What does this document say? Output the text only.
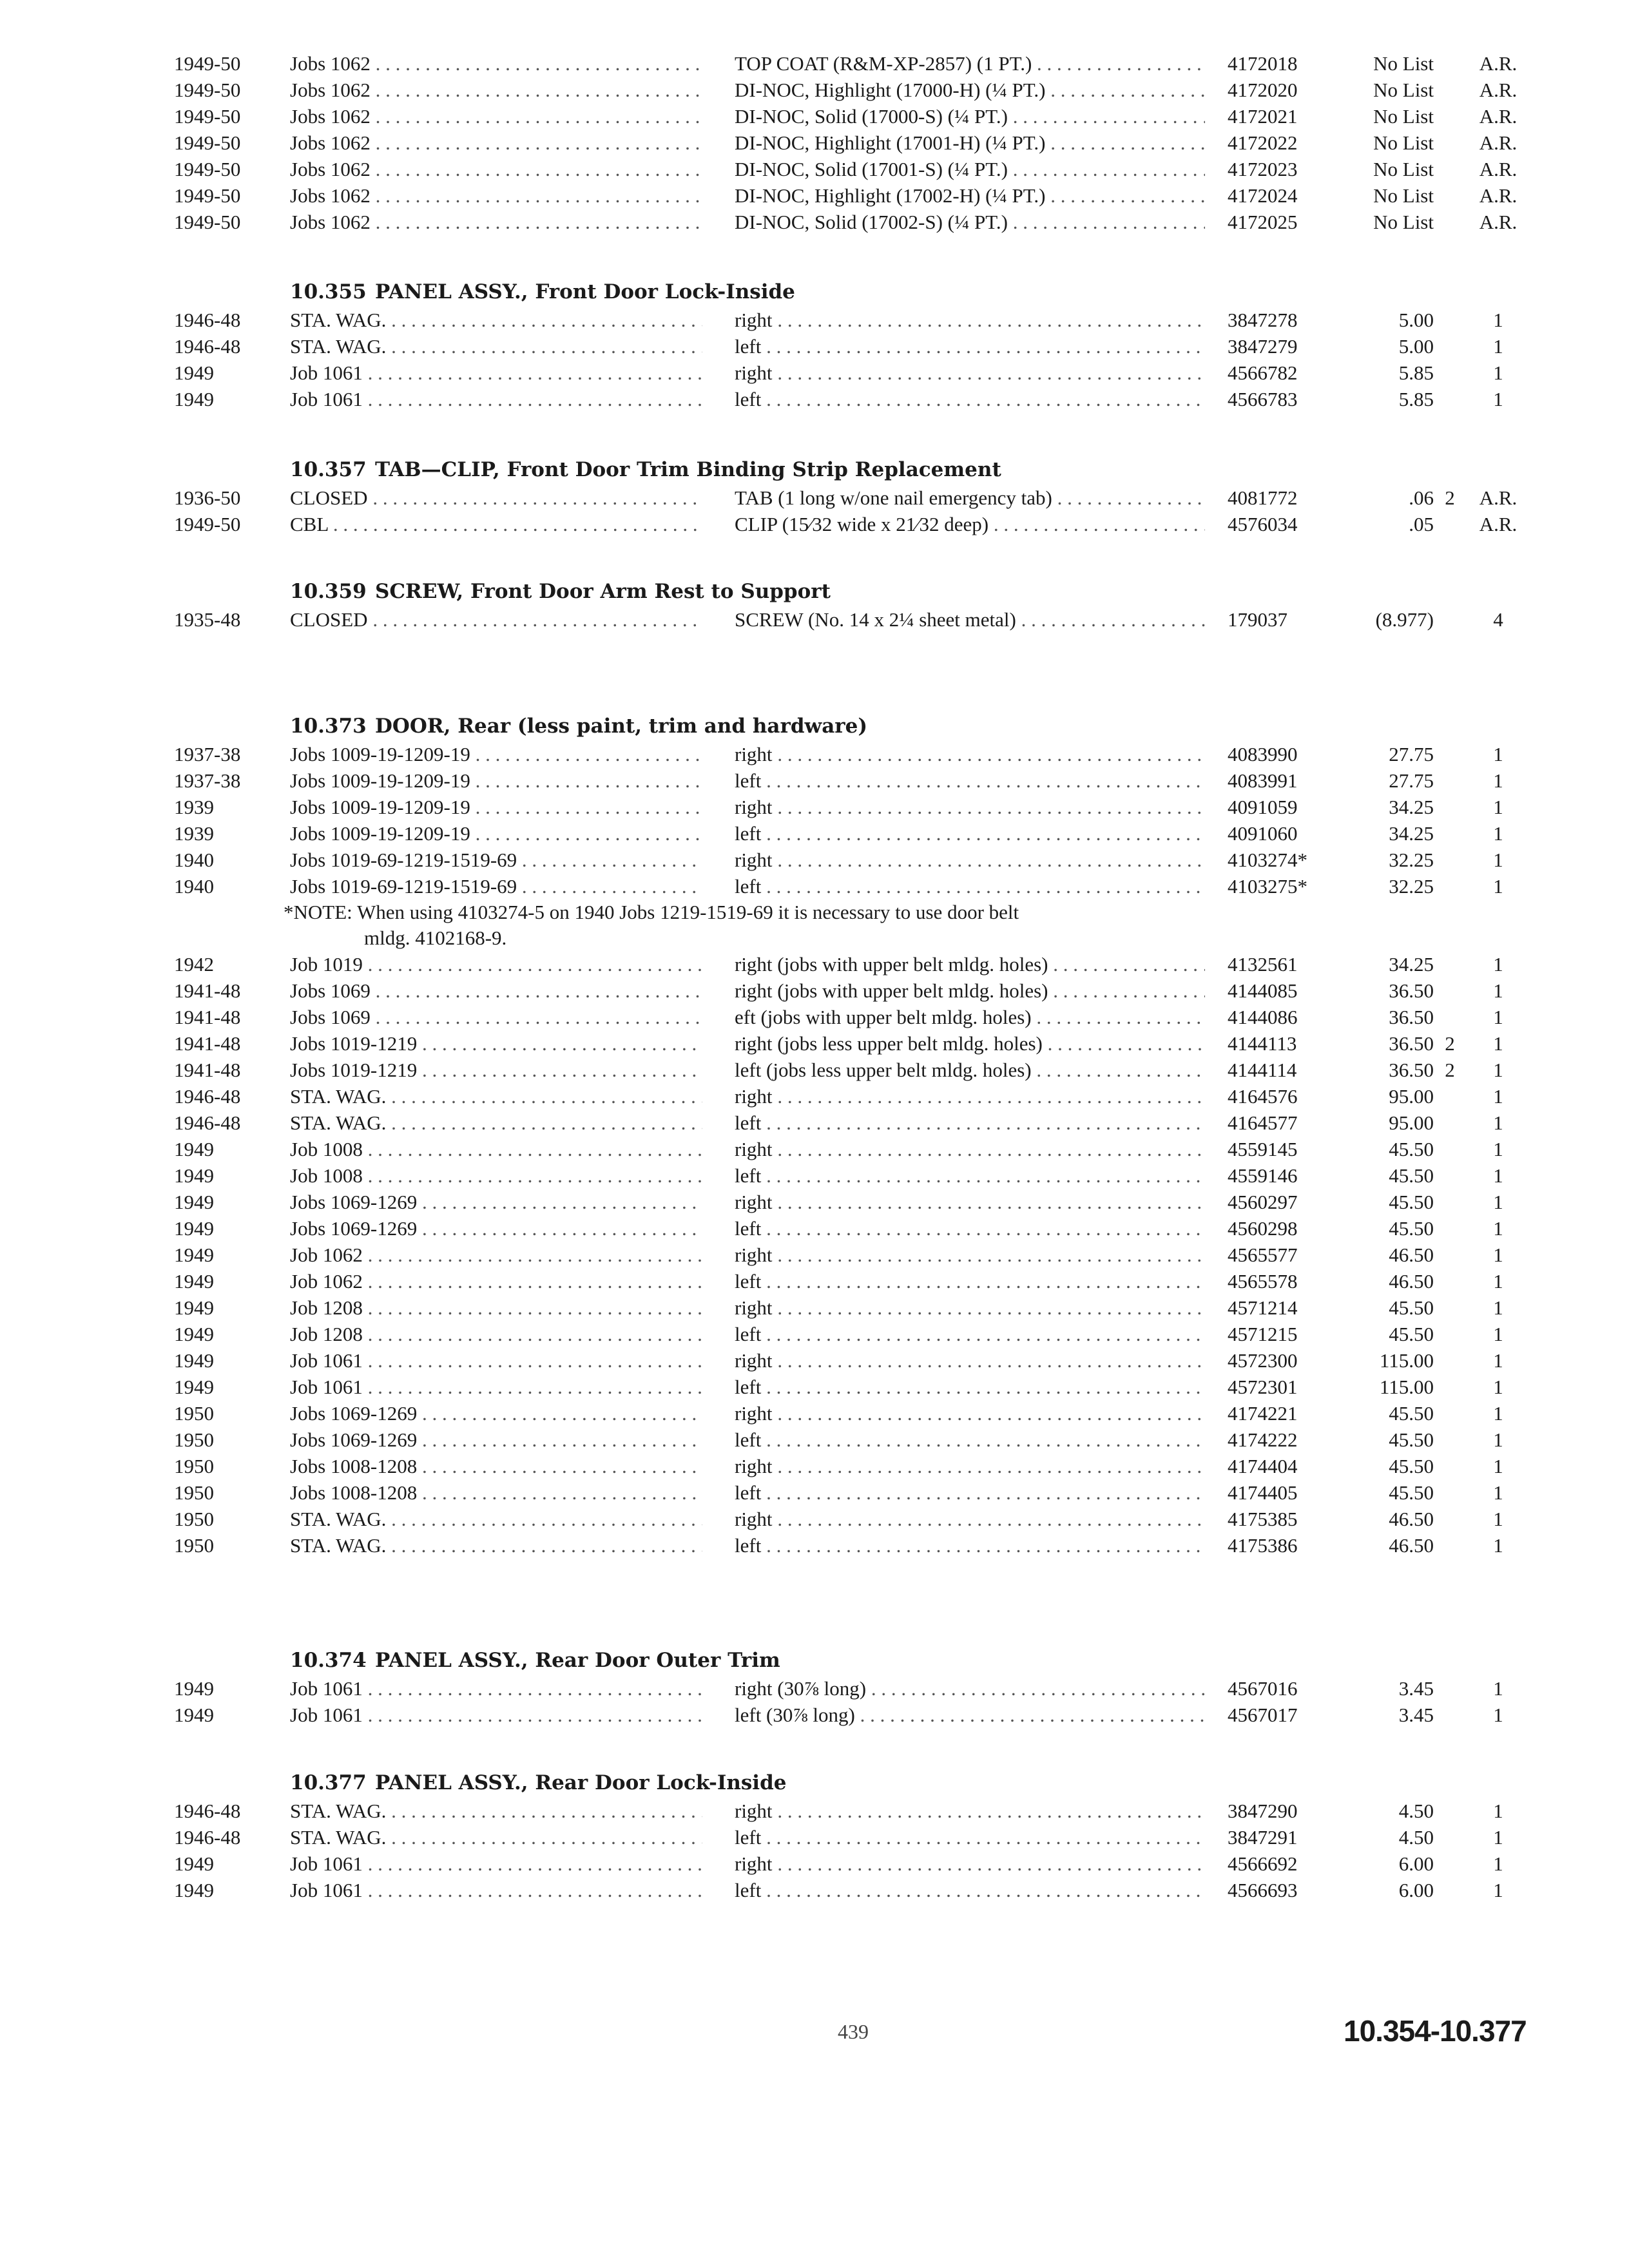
1949-50 Jobs 1062 . . .	TOP COAT (R&M-XP-2857) (1 PT.) . . .	4172018	No List	A.R.
1949-50 Jobs 1062 . . .	DI-NOC, Highlight (17000-H) (¼ PT.) . . .	4172020	No List	A.R.
1949-50 Jobs 1062 . . .	DI-NOC, Solid (17000-S) (¼ PT.) . . .	4172021	No List	A.R.
1949-50 Jobs 1062 . . .	DI-NOC, Highlight (17001-H) (¼ PT.) . . .	4172022	No List	A.R.
1949-50 Jobs 1062 . . .	DI-NOC, Solid (17001-S) (¼ PT.) . . .	4172023	No List	A.R.
1949-50 Jobs 1062 . . .	DI-NOC, Highlight (17002-H) (¼ PT.) . . .	4172024	No List	A.R.
1949-50 Jobs 1062 . . .	DI-NOC, Solid (17002-S) (¼ PT.) . . .	4172025	No List	A.R.
10.355 PANEL ASSY., Front Door Lock-Inside
1946-48 STA. WAG. . . .	right . . .	3847278	5.00	1
1946-48 STA. WAG. . . .	left . . .	3847279	5.00	1
1949	Job 1061 . . .	right . . .	4566782	5.85	1
1949	Job 1061 . . .	left . . .	4566783	5.85	1
10.357 TAB—CLIP, Front Door Trim Binding Strip Replacement
1936-50 CLOSED . . .	TAB (1 long w/one nail emergency tab) . . .	4081772	.06 2	A.R.
1949-50 CBL . . .	CLIP (15⁄32 wide x 21⁄32 deep) . . .	4576034	.05	A.R.
10.359 SCREW, Front Door Arm Rest to Support
1935-48 CLOSED . . .	SCREW (No. 14 x 2¼ sheet metal) . . .	179037	(8.977)	4
10.373 DOOR, Rear (less paint, trim and hardware)
1937-38 Jobs 1009-19-1209-19 . . .	right . . .	4083990	27.75	1
1937-38 Jobs 1009-19-1209-19 . . .	left . . .	4083991	27.75	1
1939	Jobs 1009-19-1209-19 . . .	right . . .	4091059	34.25	1
1939	Jobs 1009-19-1209-19 . . .	left . . .	4091060	34.25	1
1940	Jobs 1019-69-1219-1519-69 . . .	right . . .	4103274*	32.25	1
1940	Jobs 1019-69-1219-1519-69 . . .	left . . .	4103275*	32.25	1
*NOTE: When using 4103274-5 on 1940 Jobs 1219-1519-69 it is necessary to use door belt
mldg. 4102168-9.
1942	Job 1019 . . .	right (jobs with upper belt mldg. holes) . . .	4132561	34.25	1
1941-48 Jobs 1069 . . .	right (jobs with upper belt mldg. holes) . . .	4144085	36.50	1
1941-48 Jobs 1069 . . .	eft (jobs with upper belt mldg. holes) . . .	4144086	36.50	1
1941-48 Jobs 1019-1219 . . .	right (jobs less upper belt mldg. holes) . . .	4144113	36.50 2	1
1941-48 Jobs 1019-1219 . . .	left (jobs less upper belt mldg. holes) . . .	4144114	36.50 2	1
1946-48 STA. WAG. . . .	right . . .	4164576	95.00	1
1946-48 STA. WAG. . . .	left . . .	4164577	95.00	1
1949	Job 1008 . . .	right . . .	4559145	45.50	1
1949	Job 1008 . . .	left . . .	4559146	45.50	1
1949	Jobs 1069-1269 . . .	right . . .	4560297	45.50	1
1949	Jobs 1069-1269 . . .	left . . .	4560298	45.50	1
1949	Job 1062 . . .	right . . .	4565577	46.50	1
1949	Job 1062 . . .	left . . .	4565578	46.50	1
1949	Job 1208 . . .	right . . .	4571214	45.50	1
1949	Job 1208 . . .	left . . .	4571215	45.50	1
1949	Job 1061 . . .	right . . .	4572300	115.00	1
1949	Job 1061 . . .	left . . .	4572301	115.00	1
1950	Jobs 1069-1269 . . .	right . . .	4174221	45.50	1
1950	Jobs 1069-1269 . . .	left . . .	4174222	45.50	1
1950	Jobs 1008-1208 . . .	right . . .	4174404	45.50	1
1950	Jobs 1008-1208 . . .	left . . .	4174405	45.50	1
1950	STA. WAG. . . .	right . . .	4175385	46.50	1
1950	STA. WAG. . . .	left . . .	4175386	46.50	1
10.374 PANEL ASSY., Rear Door Outer Trim
1949	Job 1061 . . .	right (30⅞ long) . . .	4567016	3.45	1
1949	Job 1061 . . .	left (30⅞ long) . . .	4567017	3.45	1
10.377 PANEL ASSY., Rear Door Lock-Inside
1946-48 STA. WAG. . . .	right . . .	3847290	4.50	1
1946-48 STA. WAG. . . .	left . . .	3847291	4.50	1
1949	Job 1061 . . .	right . . .	4566692	6.00	1
1949	Job 1061 . . .	left . . .	4566693	6.00	1
439	10.354-10.377
